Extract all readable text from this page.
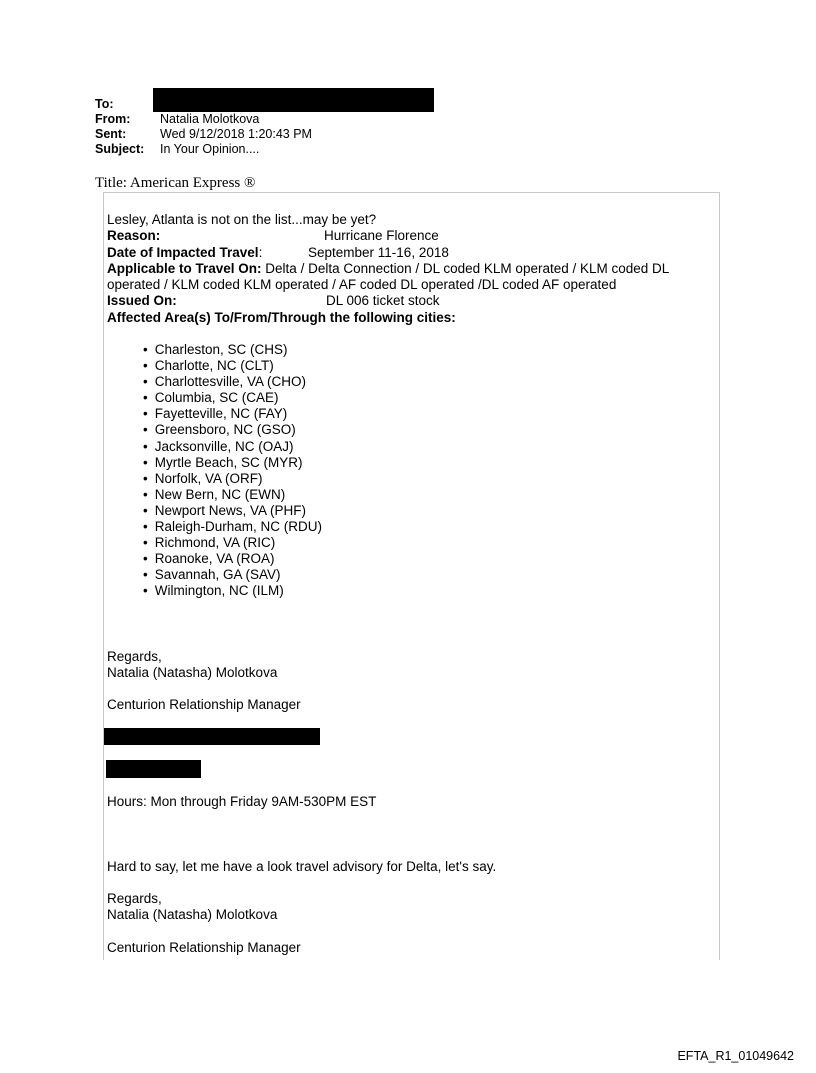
To:
From:	Natalia Molotkova
Sent:	Wed 9/12/2018 1:20:43 PM
Subject:	In Your Opinion....
Title: American Express ®
Lesley, Atlanta is not on the list...may be yet?
Reason:	Hurricane Florence
Date of Impacted Travel:	September 11-16, 2018
Applicable to Travel On: Delta / Delta Connection / DL coded KLM operated / KLM coded DL operated / KLM coded KLM operated / AF coded DL operated /DL coded AF operated
Issued On:	DL 006 ticket stock
Affected Area(s) To/From/Through the following cities:
• Charleston, SC (CHS)
• Charlotte, NC (CLT)
• Charlottesville, VA (CHO)
• Columbia, SC (CAE)
• Fayetteville, NC (FAY)
• Greensboro, NC (GSO)
• Jacksonville, NC (OAJ)
• Myrtle Beach, SC (MYR)
• Norfolk, VA (ORF)
• New Bern, NC (EWN)
• Newport News, VA (PHF)
• Raleigh-Durham, NC (RDU)
• Richmond, VA (RIC)
• Roanoke, VA (ROA)
• Savannah, GA (SAV)
• Wilmington, NC (ILM)
Regards,
Natalia (Natasha) Molotkova
Centurion Relationship Manager
Hours: Mon through Friday 9AM-530PM EST
Hard to say, let me have a look travel advisory for Delta, let's say.
Regards,
Natalia (Natasha) Molotkova
Centurion Relationship Manager
EFTA_R1_01049642
